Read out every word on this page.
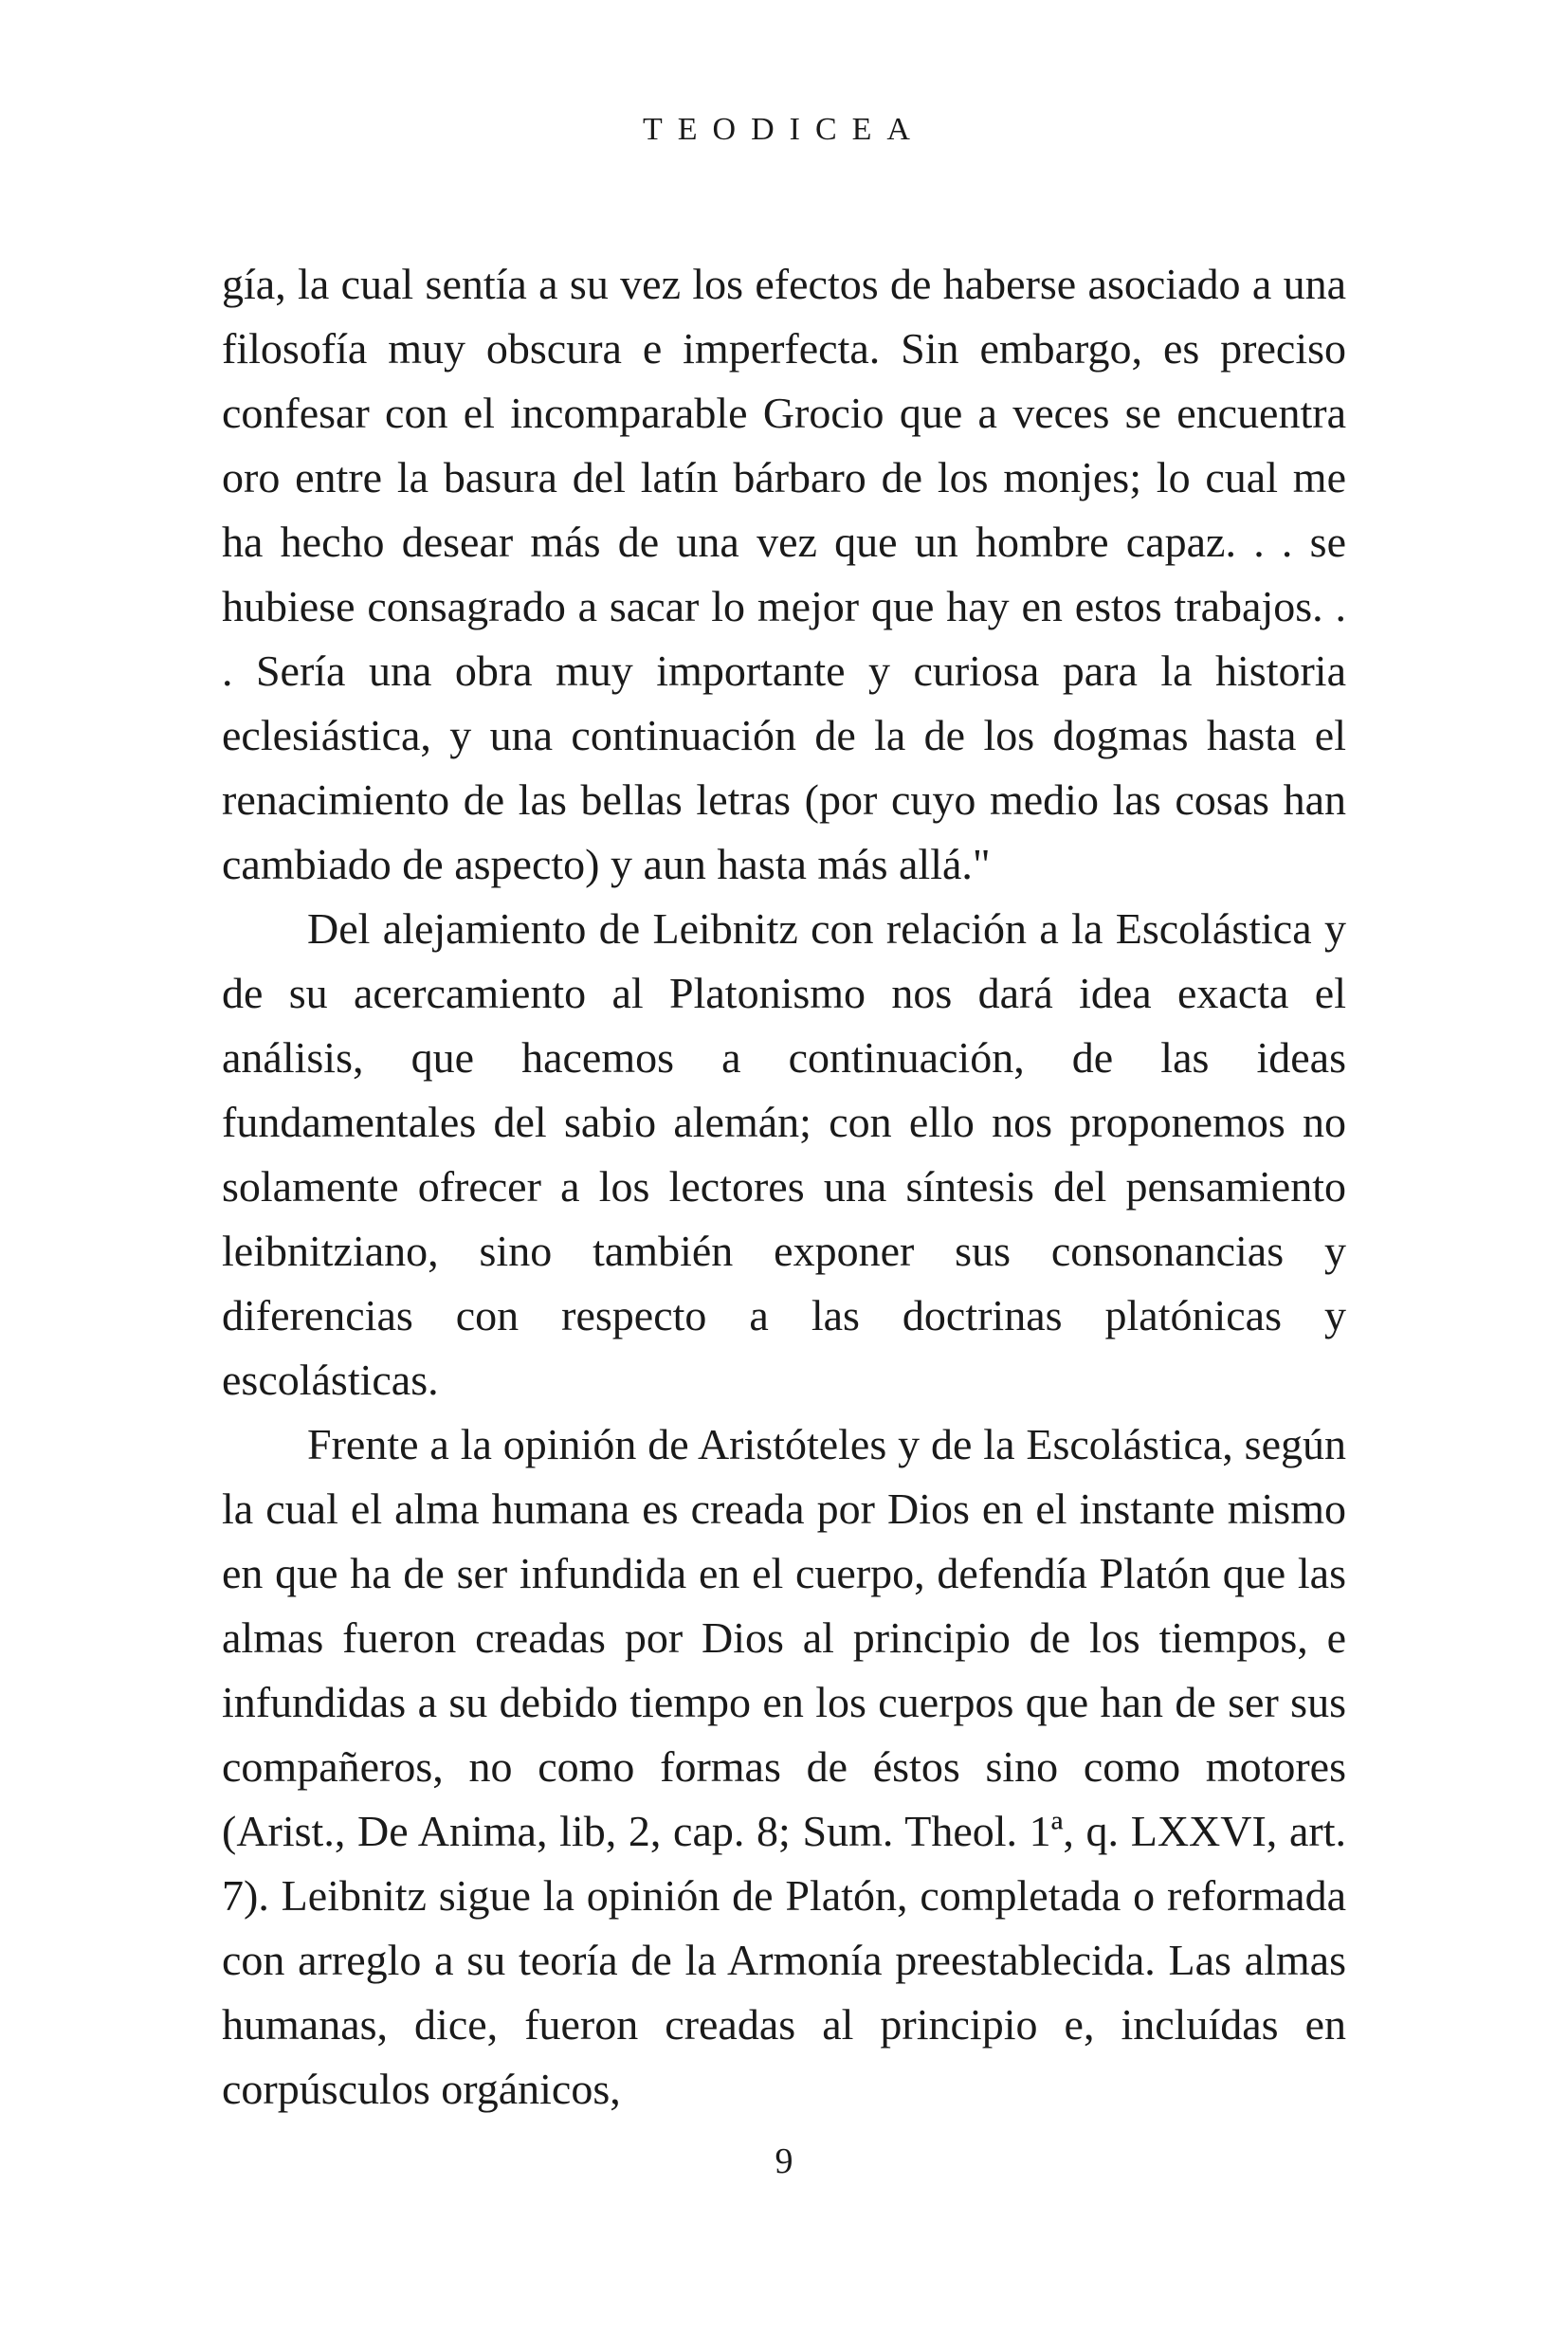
TEODICEA

gía, la cual sentía a su vez los efectos de haberse asociado a una filosofía muy obscura e imperfecta. Sin embargo, es preciso confesar con el incomparable Grocio que a veces se encuentra oro entre la basura del latín bárbaro de los monjes; lo cual me ha hecho desear más de una vez que un hombre capaz. . . se hubiese consagrado a sacar lo mejor que hay en estos trabajos. . . Sería una obra muy importante y curiosa para la historia eclesiástica, y una continuación de la de los dogmas hasta el renacimiento de las bellas letras (por cuyo medio las cosas han cambiado de aspecto) y aun hasta más allá."

Del alejamiento de Leibnitz con relación a la Escolástica y de su acercamiento al Platonismo nos dará idea exacta el análisis, que hacemos a continuación, de las ideas fundamentales del sabio alemán; con ello nos proponemos no solamente ofrecer a los lectores una síntesis del pensamiento leibnitziano, sino también exponer sus consonancias y diferencias con respecto a las doctrinas platónicas y escolásticas.

Frente a la opinión de Aristóteles y de la Escolástica, según la cual el alma humana es creada por Dios en el instante mismo en que ha de ser infundida en el cuerpo, defendía Platón que las almas fueron creadas por Dios al principio de los tiempos, e infundidas a su debido tiempo en los cuerpos que han de ser sus compañeros, no como formas de éstos sino como motores (Arist., De Anima, lib, 2, cap. 8; Sum. Theol. 1ª, q. LXXVI, art. 7). Leibnitz sigue la opinión de Platón, completada o reformada con arreglo a su teoría de la Armonía preestablecida. Las almas humanas, dice, fueron creadas al principio e, incluídas en corpúsculos orgánicos,

9
